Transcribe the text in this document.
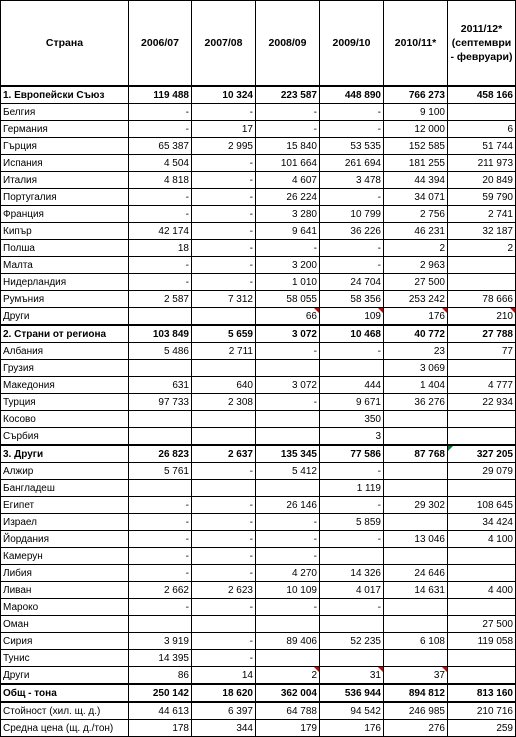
Страна	2006/07	2007/08	2008/09	2009/10	2010/11*	2011/12* (септември - февруари)
1. Европейски Съюз	119 488	10 324	223 587	448 890	766 273	458 166
Белгия	-	-	-	-	9 100	
Германия	-	17	-	-	12 000	6
Гърция	65 387	2 995	15 840	53 535	152 585	51 744
Испания	4 504	-	101 664	261 694	181 255	211 973
Италия	4 818	-	4 607	3 478	44 394	20 849
Португалия	-	-	26 224	-	34 071	59 790
Франция	-	-	3 280	10 799	2 756	2 741
Кипър	42 174	-	9 641	36 226	46 231	32 187
Полша	18	-	-	-	2	2
Малта	-	-	3 200	-	2 963	
Нидерландия	-	-	1 010	24 704	27 500	
Румъния	2 587	7 312	58 055	58 356	253 242	78 666
Други			66	109	176	210
2. Страни от региона	103 849	5 659	3 072	10 468	40 772	27 788
Албания	5 486	2 711	-	-	23	77
Грузия					3 069	
Македония	631	640	3 072	444	1 404	4 777
Турция	97 733	2 308	-	9 671	36 276	22 934
Косово				350		
Сърбия				3		
3. Други	26 823	2 637	135 345	77 586	87 768	327 205
Алжир	5 761	-	5 412	-		29 079
Бангладеш				1 119		
Египет	-	-	26 146	-	29 302	108 645
Израел	-	-	-	5 859		34 424
Йордания	-	-	-	-	13 046	4 100
Камерун	-	-	-			
Либия	-	-	4 270	14 326	24 646	
Ливан	2 662	2 623	10 109	4 017	14 631	4 400
Мароко	-	-	-	-		
Оман						27 500
Сирия	3 919	-	89 406	52 235	6 108	119 058
Тунис	14 395	-				
Други	86	14	2	31	37	
Общ - тона	250 142	18 620	362 004	536 944	894 812	813 160
Стойност (хил. щ. д.)	44 613	6 397	64 788	94 542	246 985	210 716
Средна цена (щ. д./тон)	178	344	179	176	276	259
